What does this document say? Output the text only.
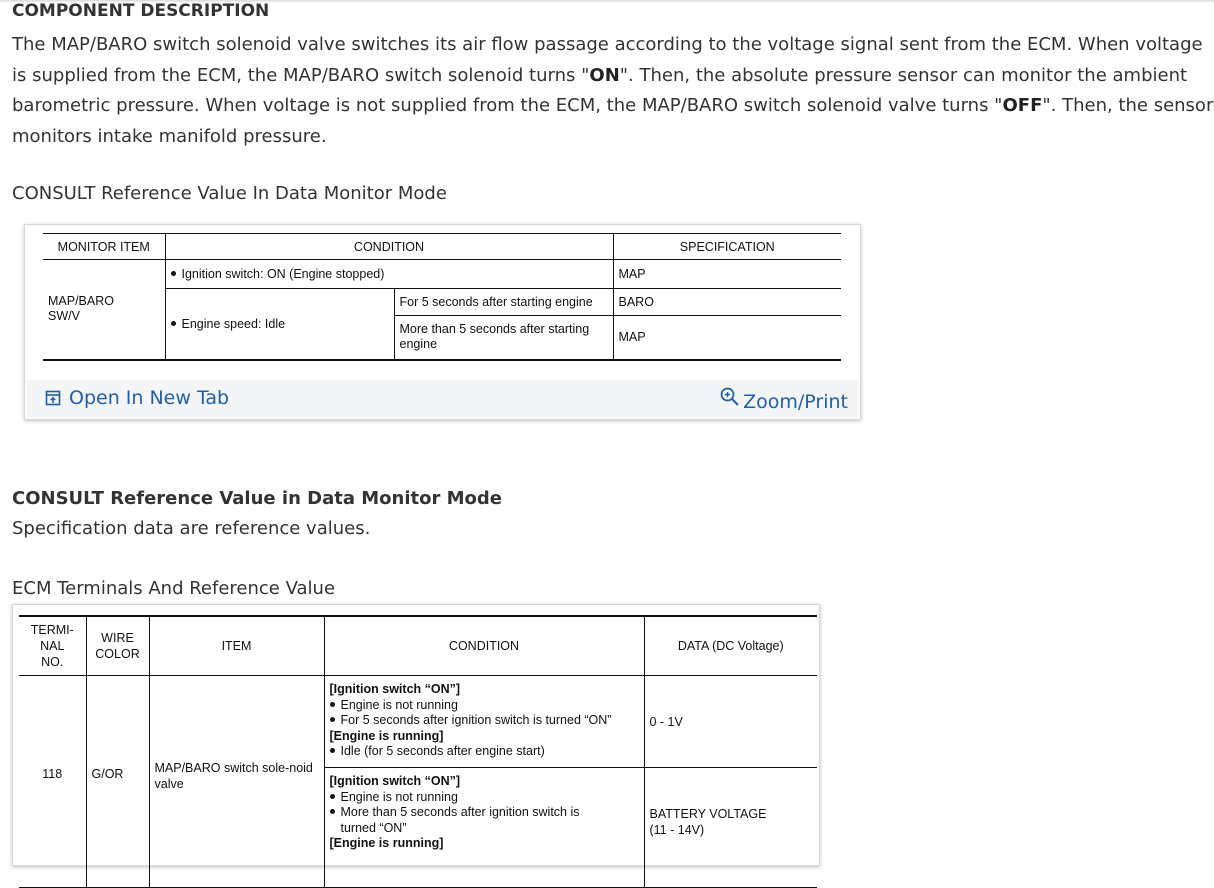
COMPONENT DESCRIPTION
The MAP/BARO switch solenoid valve switches its air flow passage according to the voltage signal sent from the ECM. When voltage is supplied from the ECM, the MAP/BARO switch solenoid turns "ON". Then, the absolute pressure sensor can monitor the ambient barometric pressure. When voltage is not supplied from the ECM, the MAP/BARO switch solenoid valve turns "OFF". Then, the sensor monitors intake manifold pressure.
CONSULT Reference Value In Data Monitor Mode
MONITOR ITEM	CONDITION		SPECIFICATION
MAP/BARO SW/V	Ignition switch: ON (Engine stopped)		MAP
	Engine speed: Idle	For 5 seconds after starting engine	BARO
		More than 5 seconds after starting engine	MAP
Open In New Tab	Zoom/Print
CONSULT Reference Value in Data Monitor Mode
Specification data are reference values.
ECM Terminals And Reference Value
TERMI-NAL NO.	WIRE COLOR	ITEM	CONDITION	DATA (DC Voltage)
118	G/OR	MAP/BARO switch sole-noid valve	[Ignition switch “ON”]
Engine is not running
For 5 seconds after ignition switch is turned “ON”
[Engine is running]
Idle (for 5 seconds after engine start)	0 - 1V

			[Ignition switch “ON”]
Engine is not running
More than 5 seconds after ignition switch is turned “ON”
[Engine is running]	BATTERY VOLTAGE (11 - 14V)
